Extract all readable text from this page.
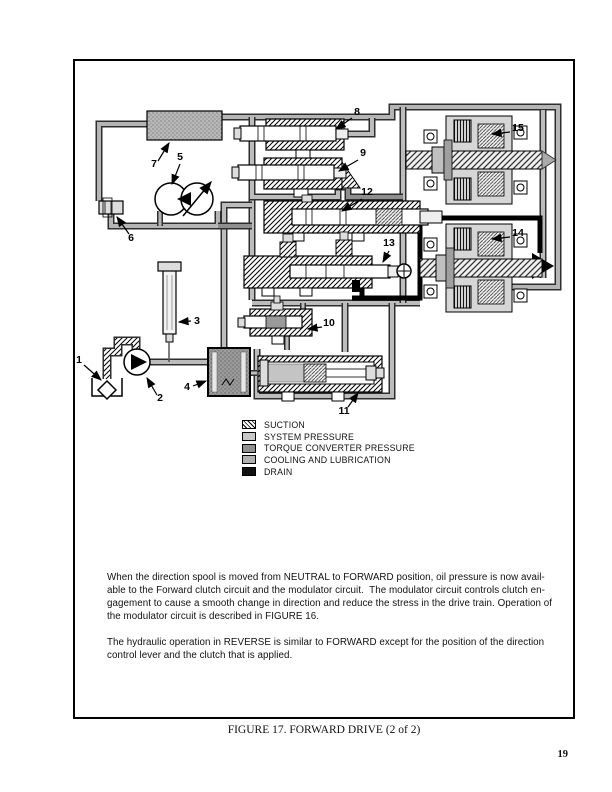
1
2
3
4
5
6
7
8
9
10
11
12
13
14
15
SUCTION
SYSTEM PRESSURE
TORQUE CONVERTER PRESSURE
COOLING AND LUBRICATION
DRAIN
When the direction spool is moved from NEUTRAL to FORWARD position, oil pressure is now avail-
able to the Forward clutch circuit and the modulator circuit.  The modulator circuit controls clutch en-
gagement to cause a smooth change in direction and reduce the stress in the drive train. Operation of
the modulator circuit is described in FIGURE 16.
The hydraulic operation in REVERSE is similar to FORWARD except for the position of the direction
control lever and the clutch that is applied.
FIGURE 17. FORWARD DRIVE (2 of 2)
19
